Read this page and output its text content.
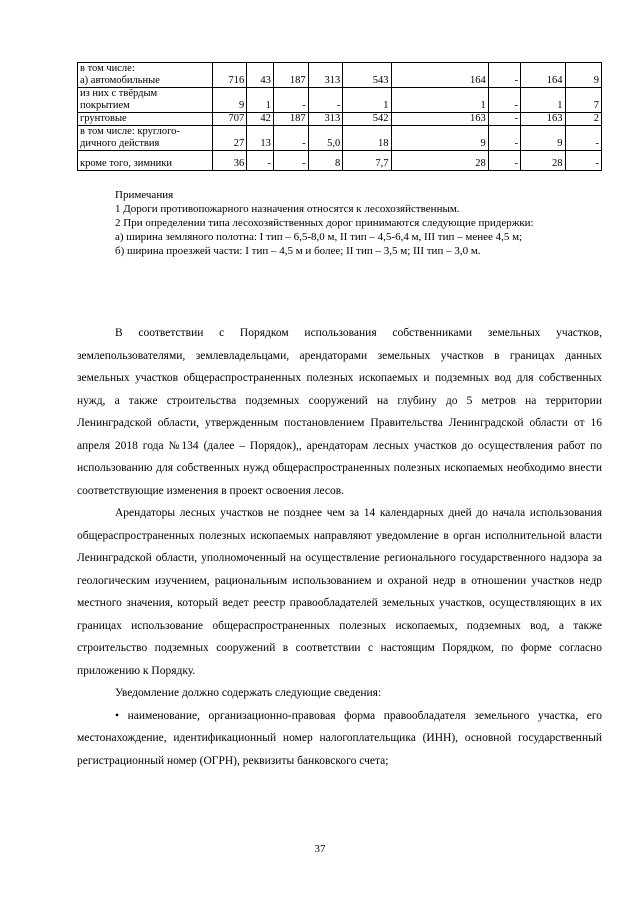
в том числе:
а) автомобильные	716	43	187	313	543	164	-	164	9
из них с твёрдым
покрытием	9	1	-	-	1	1	-	1	7
грунтовые	707	42	187	313	542	163	-	163	2
в том числе: круглого-
дичного действия	27	13	-	5,0	18	9	-	9	-
кроме того, зимники	36	-	-	8	7,7	28	-	28	-

Примечания

1 Дороги противопожарного назначения относятся к лесохозяйственным.

2 При определении типа лесохозяйственных дорог принимаются следующие придержки:

а) ширина земляного полотна: I тип – 6,5-8,0 м, II тип – 4,5-6,4 м, III тип – менее 4,5 м;

б) ширина проезжей части: I тип – 4,5 м и более; II тип – 3,5 м; III тип – 3,0 м.

В соответствии с Порядком использования собственниками земельных участков, землепользователями, землевладельцами, арендаторами земельных участков в границах данных земельных участков общераспространенных полезных ископаемых и подземных вод для собственных нужд, а также строительства подземных сооружений на глубину до 5 метров на территории Ленинградской области, утвержденным постановлением Правительства Ленинградской области от 16 апреля 2018 года №134 (далее – Порядок),, арендаторам лесных участков до осуществления работ по использованию для собственных нужд общераспространенных полезных ископаемых необходимо внести соответствующие изменения в проект освоения лесов.

Арендаторы лесных участков не позднее чем за 14 календарных дней до начала использования общераспространенных полезных ископаемых направляют уведомление в орган исполнительной власти Ленинградской области, уполномоченный на осуществление регионального государственного надзора за геологическим изучением, рациональным использованием и охраной недр в отношении участков недр местного значения, который ведет реестр правообладателей земельных участков, осуществляющих в их границах использование общераспространенных полезных ископаемых, подземных вод, а также строительство подземных сооружений в соответствии с настоящим Порядком, по форме согласно приложению к Порядку.

Уведомление должно содержать следующие сведения:

• наименование, организационно-правовая форма правообладателя земельного участка, его местонахождение, идентификационный номер налогоплательщика (ИНН), основной государственный регистрационный номер (ОГРН), реквизиты банковского счета;

37
